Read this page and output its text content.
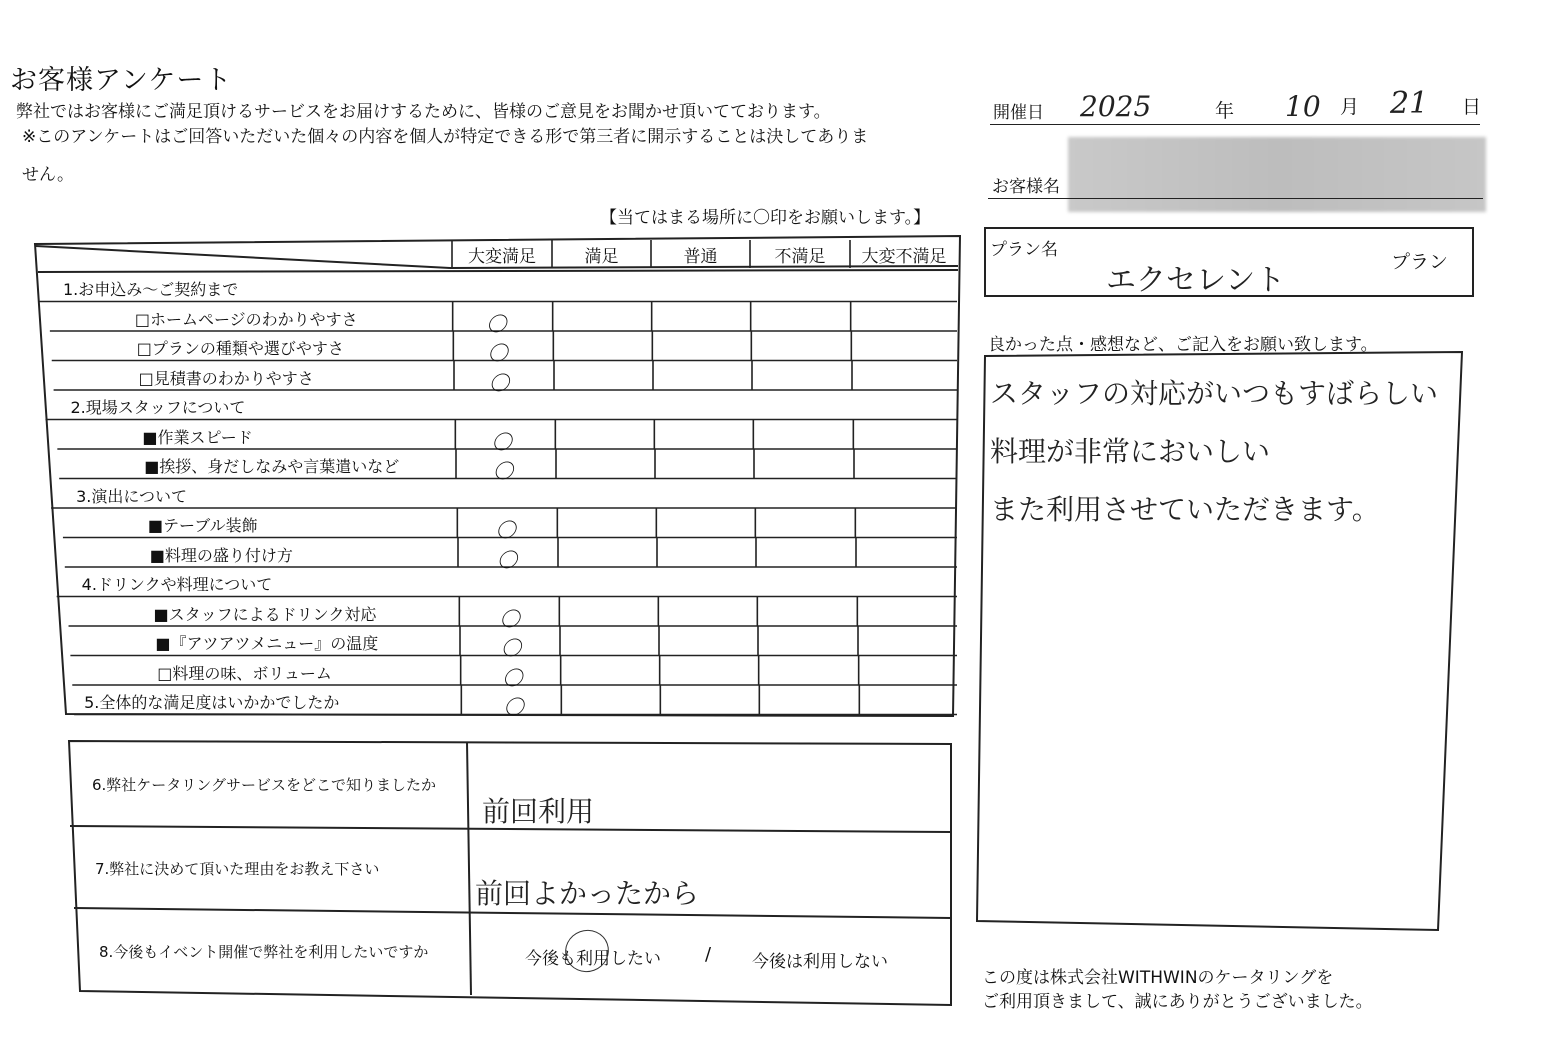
お客様アンケート
弊社ではお客様にご満足頂けるサービスをお届けするために、皆様のご意見をお聞かせ頂いてております。
※このアンケートはご回答いただいた個々の内容を個人が特定できる形で第三者に開示することは決してありま
せん。
【当てはまる場所に〇印をお願いします。】
開催日 2025	年 10 月 21 日
お客様名
プラン名
エクセレント
プラン
大変満足	満足	普通	不満足	大変不満足
1.お申込み～ご契約まで
□ホームページのわかりやすさ	〇
□プランの種類や選びやすさ	〇
□見積書のわかりやすさ	〇
2.現場スタッフについて
■作業スピード	〇
■挨拶、身だしなみや言葉遣いなど	〇
3.演出について
■テーブル装飾	〇
■料理の盛り付け方	〇
4.ドリンクや料理について
■スタッフによるドリンク対応	〇
■『アツアツメニュー』の温度	〇
□料理の味、ボリューム	〇
5.全体的な満足度はいかかでしたか	〇
良かった点・感想など、ご記入をお願い致します。
スタッフの対応がいつもすばらしい
料理が非常においしい
また利用させていただきます。
6.弊社ケータリングサービスをどこで知りましたか
前回利用
7.弊社に決めて頂いた理由をお教え下さい
前回よかったから
8.今後もイベント開催で弊社を利用したいですか	今後も利用したい / 今後は利用しない
この度は株式会社WITHWINのケータリングを
ご利用頂きまして、誠にありがとうございました。
